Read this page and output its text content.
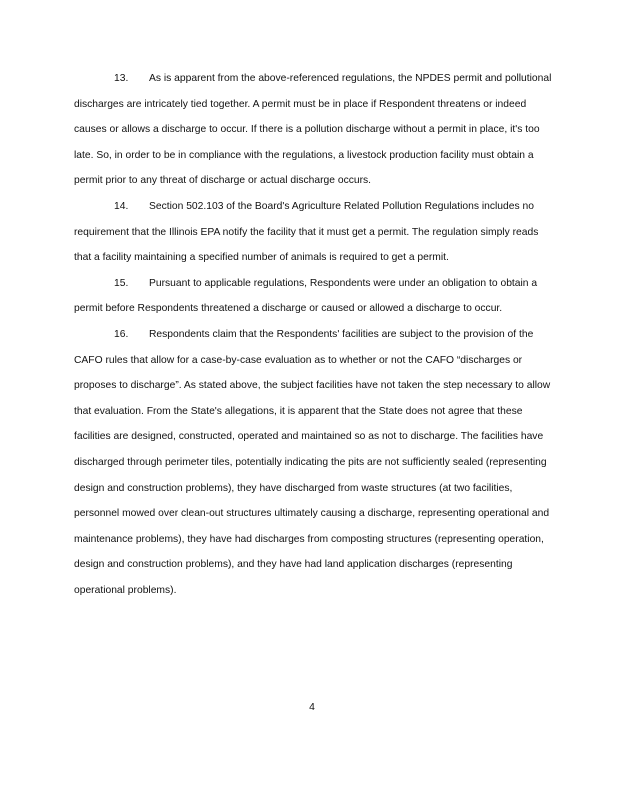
13. As is apparent from the above-referenced regulations, the NPDES permit and pollutional discharges are intricately tied together. A permit must be in place if Respondent threatens or indeed causes or allows a discharge to occur. If there is a pollution discharge without a permit in place, it's too late. So, in order to be in compliance with the regulations, a livestock production facility must obtain a permit prior to any threat of discharge or actual discharge occurs.

14. Section 502.103 of the Board's Agriculture Related Pollution Regulations includes no requirement that the Illinois EPA notify the facility that it must get a permit. The regulation simply reads that a facility maintaining a specified number of animals is required to get a permit.

15. Pursuant to applicable regulations, Respondents were under an obligation to obtain a permit before Respondents threatened a discharge or caused or allowed a discharge to occur.

16. Respondents claim that the Respondents' facilities are subject to the provision of the CAFO rules that allow for a case-by-case evaluation as to whether or not the CAFO “discharges or proposes to discharge”. As stated above, the subject facilities have not taken the step necessary to allow that evaluation. From the State's allegations, it is apparent that the State does not agree that these facilities are designed, constructed, operated and maintained so as not to discharge. The facilities have discharged through perimeter tiles, potentially indicating the pits are not sufficiently sealed (representing design and construction problems), they have discharged from waste structures (at two facilities, personnel mowed over clean-out structures ultimately causing a discharge, representing operational and maintenance problems), they have had discharges from composting structures (representing operation, design and construction problems), and they have had land application discharges (representing operational problems).

4
